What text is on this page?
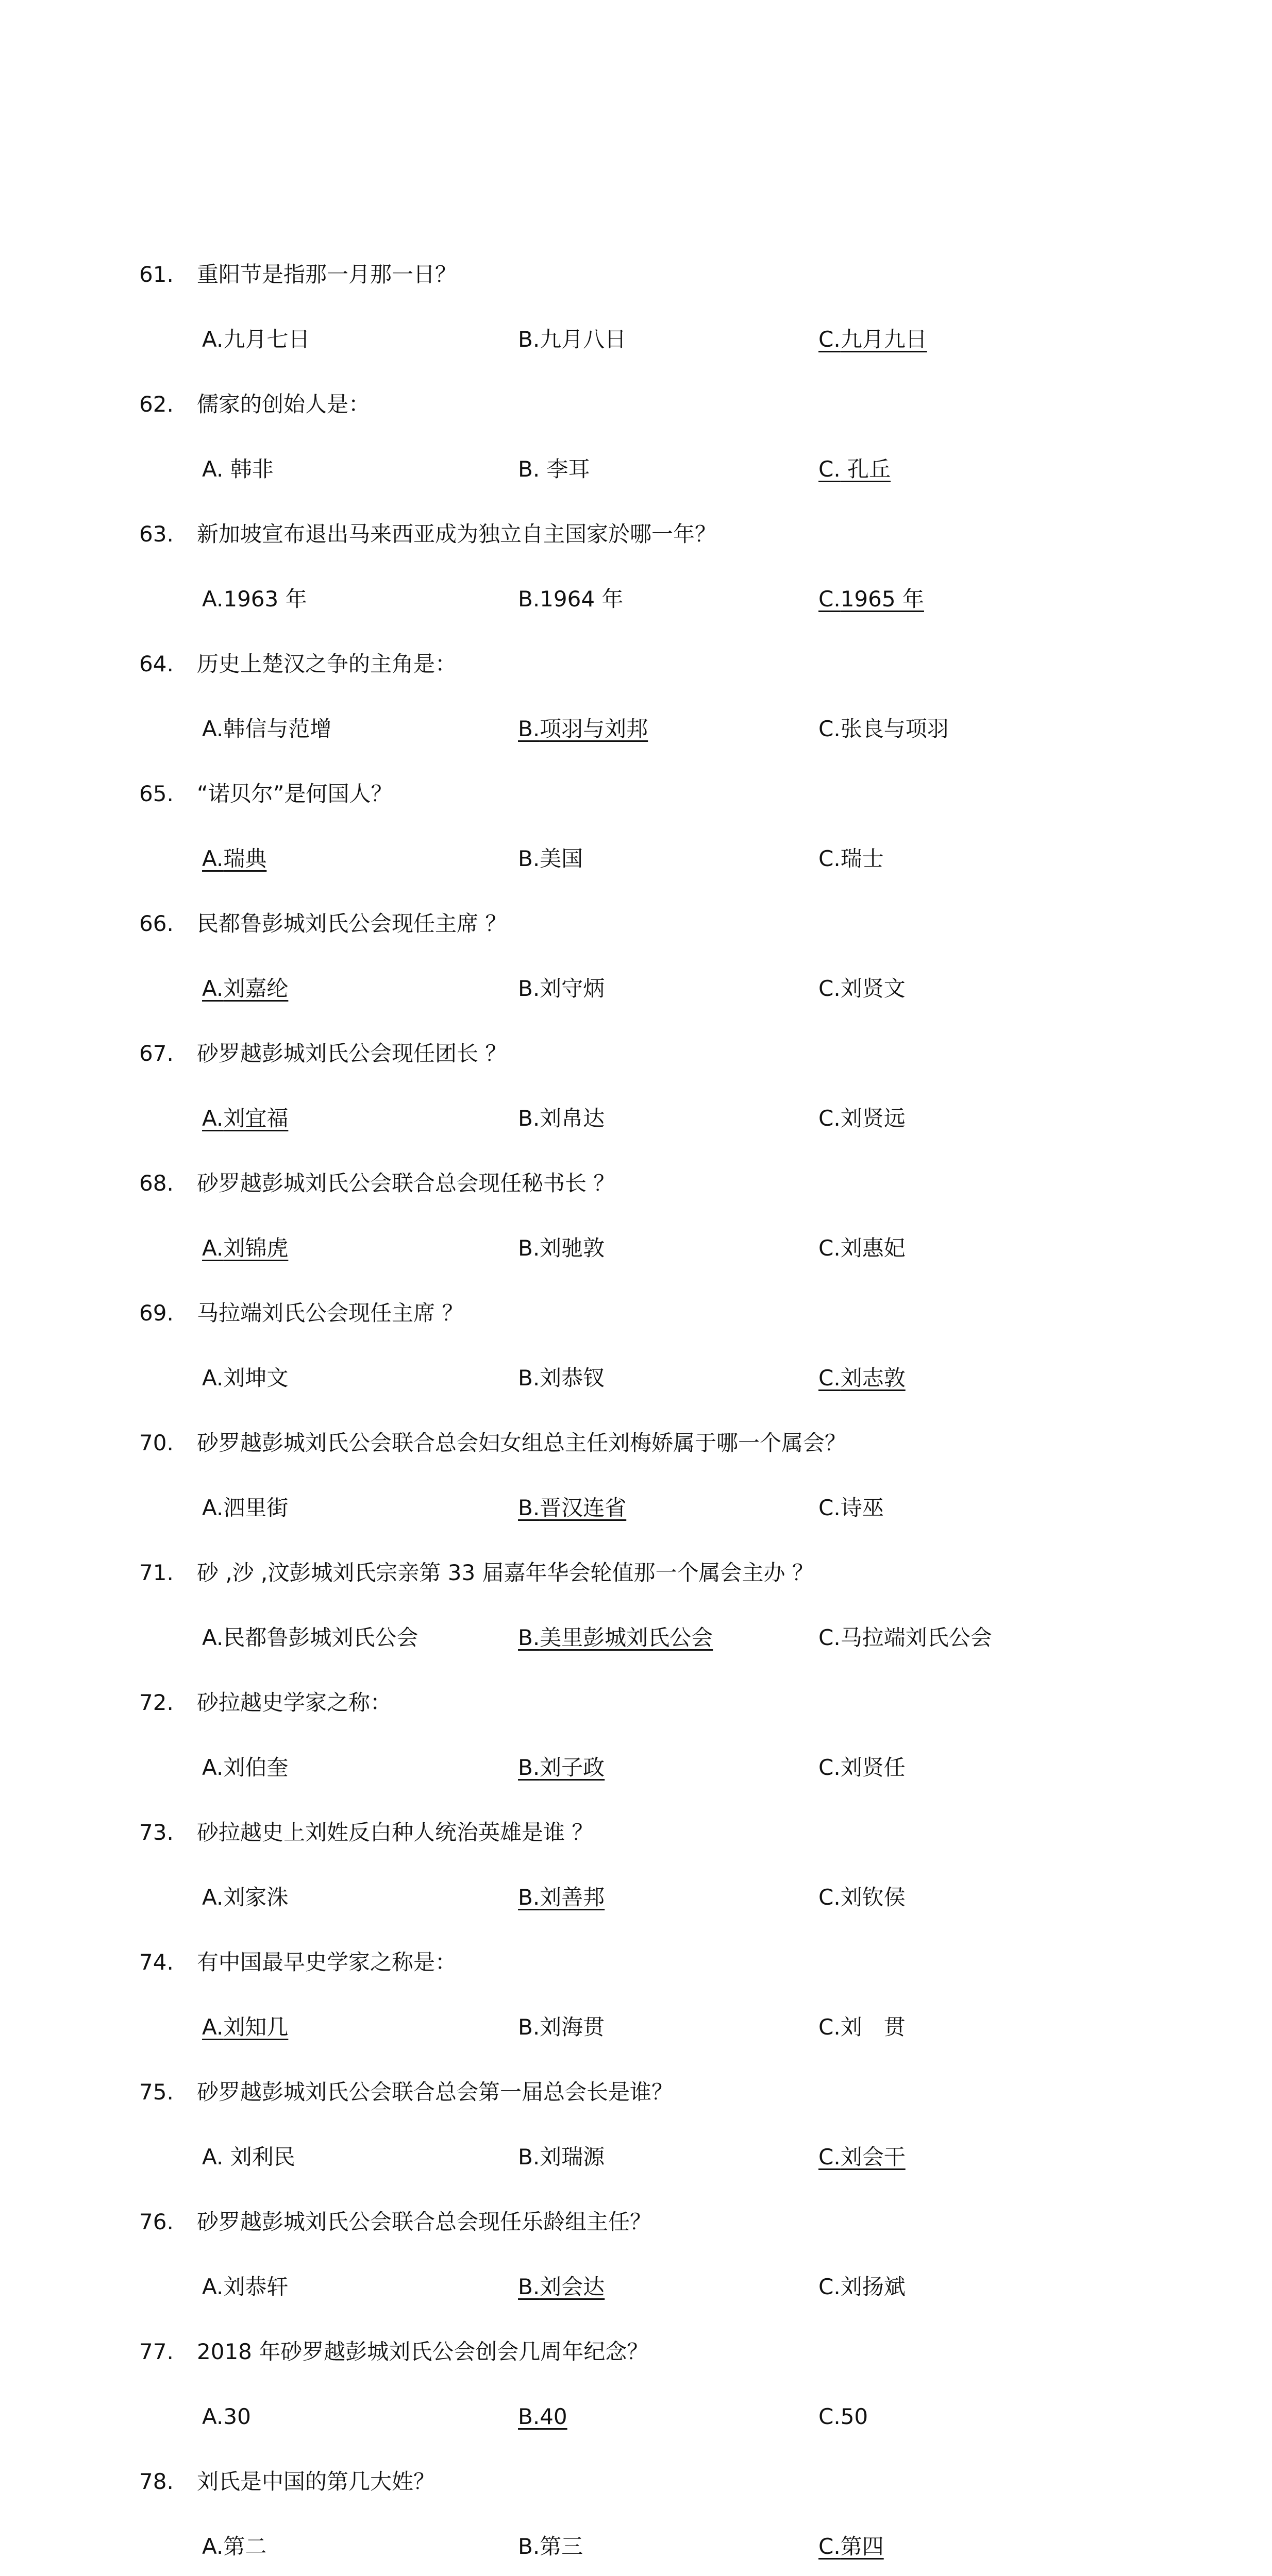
61. 重阳节是指那一月那一日？
A.九月七日	B.九月八日	C.九月九日
62. 儒家的创始人是：
A. 韩非	B. 李耳	C. 孔丘
63. 新加坡宣布退出马来西亚成为独立自主国家於哪一年？
A.1963 年	B.1964 年	C.1965 年
64. 历史上楚汉之争的主角是：
A.韩信与范增	B.项羽与刘邦	C.张良与项羽
65. “诺贝尔”是何国人？
A.瑞典	B.美国	C.瑞士
66. 民都鲁彭城刘氏公会现任主席 ？
A.刘嘉纶	B.刘守炳	C.刘贤文
67. 砂罗越彭城刘氏公会现任团长 ？
A.刘宜福	B.刘帛达	C.刘贤远
68. 砂罗越彭城刘氏公会联合总会现任秘书长 ？
A.刘锦虎	B.刘驰敦	C.刘惠妃
69. 马拉端刘氏公会现任主席 ？
A.刘坤文	B.刘恭钗	C.刘志敦
70. 砂罗越彭城刘氏公会联合总会妇女组总主任刘梅娇属于哪一个属会？
A.泗里街	B.晋汉连省	C.诗巫
71. 砂 ,沙 ,汶彭城刘氏宗亲第 33 届嘉年华会轮值那一个属会主办 ？
A.民都鲁彭城刘氏公会	B.美里彭城刘氏公会	C.马拉端刘氏公会
72. 砂拉越史学家之称：
A.刘伯奎	B.刘子政	C.刘贤任
73. 砂拉越史上刘姓反白种人统治英雄是谁 ？
A.刘家洙	B.刘善邦	C.刘钦侯
74. 有中国最早史学家之称是：
A.刘知几	B.刘海贯	C.刘　贯
75. 砂罗越彭城刘氏公会联合总会第一届总会长是谁？
A. 刘利民	B.刘瑞源	C.刘会干
76. 砂罗越彭城刘氏公会联合总会现任乐龄组主任？
A.刘恭轩	B.刘会达	C.刘扬斌
77. 2018 年砂罗越彭城刘氏公会创会几周年纪念？
A.30	B.40	C.50
78. 刘氏是中国的第几大姓？
A.第二	B.第三	C.第四
